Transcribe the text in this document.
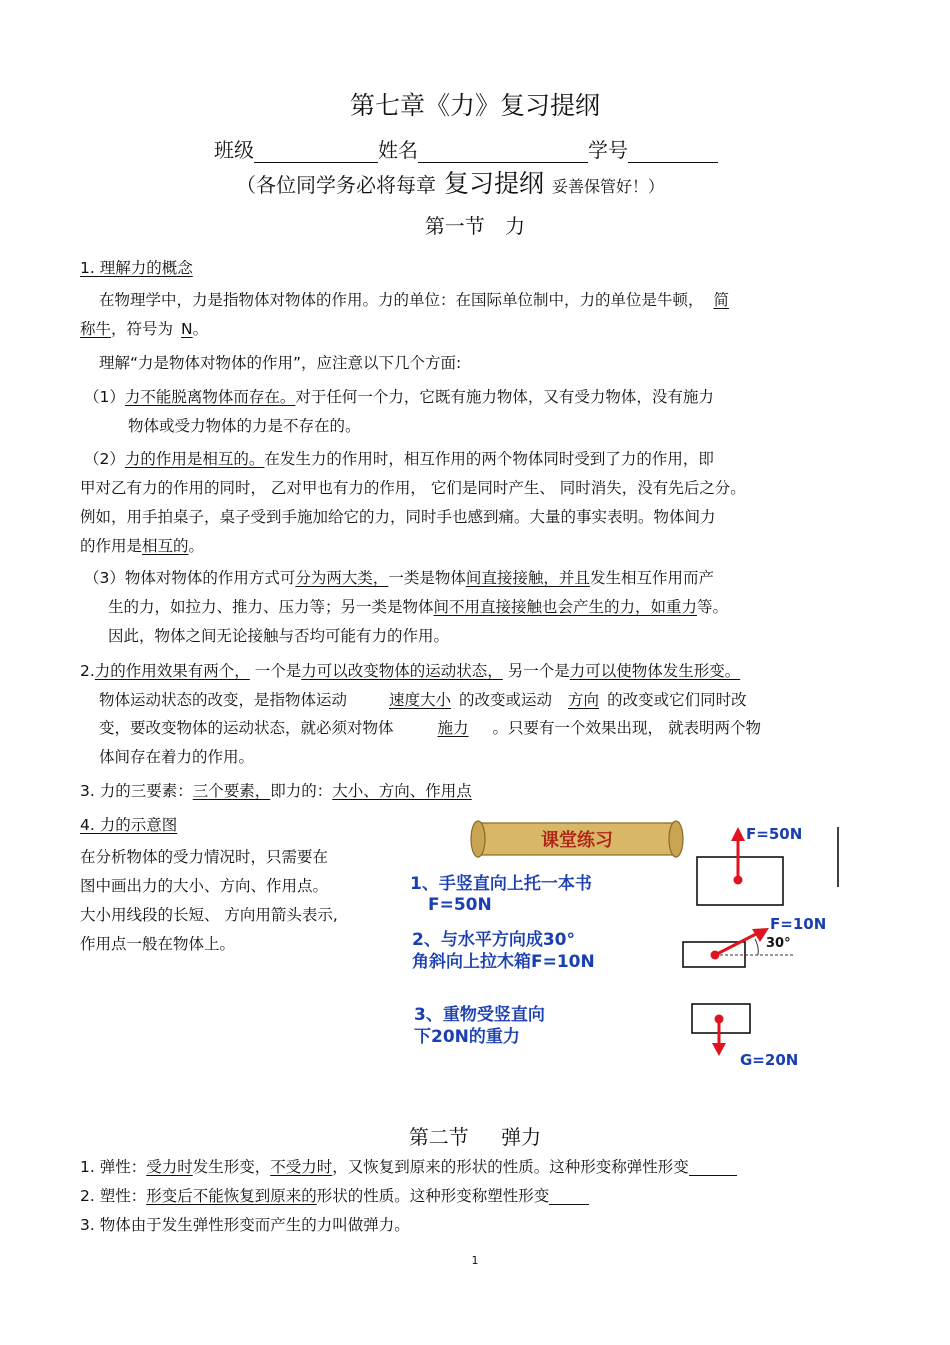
第七章《力》复习提纲
班级	姓名	学号
（各位同学务必将每章 复习提纲 妥善保管好！）
第一节 力
1. 理解力的概念
在物理学中，力是指物体对物体的作用。力的单位：在国际单位制中，力的单位是牛顿， 简
称牛，符号为 N。
理解“力是物体对物体的作用”，应注意以下几个方面:
（1）力不能脱离物体而存在。对于任何一个力，它既有施力物体，又有受力物体，没有施力
物体或受力物体的力是不存在的。
（2）力的作用是相互的。在发生力的作用时，相互作用的两个物体同时受到了力的作用，即
甲对乙有力的作用的同时， 乙对甲也有力的作用， 它们是同时产生、 同时消失，没有先后之分。
例如，用手拍桌子，桌子受到手施加给它的力，同时手也感到痛。大量的事实表明。物体间力
的作用是相互的。
（3）物体对物体的作用方式可分为两大类，一类是物体间直接接触，并且发生相互作用而产
生的力，如拉力、推力、压力等；另一类是物体间不用直接接触也会产生的力，如重力等。
因此，物体之间无论接触与否均可能有力的作用。
2.力的作用效果有两个， 一个是力可以改变物体的运动状态， 另一个是力可以使物体发生形变。
物体运动状态的改变，是指物体运动	速度大小 的改变或运动 方向 的改变或它们同时改
变，要改变物体的运动状态，就必须对物体	施力 。只要有一个效果出现， 就表明两个物
体间存在着力的作用。
3. 力的三要素：三个要素，即力的：大小、方向、作用点
4. 力的示意图
在分析物体的受力情况时，只需要在
图中画出力的大小、方向、作用点。
大小用线段的长短、 方向用箭头表示,
作用点一般在物体上。
课堂练习
1、手竖直向上托一本书
F=50N
2、与水平方向成30°
角斜向上拉木箱F=10N
3、重物受竖直向
下20N的重力
F=50N
30°
F=10N
G=20N
第二节 弹力
1. 弹性：受力时发生形变，不受力时，又恢复到原来的形状的性质。这种形变称弹性形变
2. 塑性：形变后不能恢复到原来的形状的性质。这种形变称塑性形变
3. 物体由于发生弹性形变而产生的力叫做弹力。
1
